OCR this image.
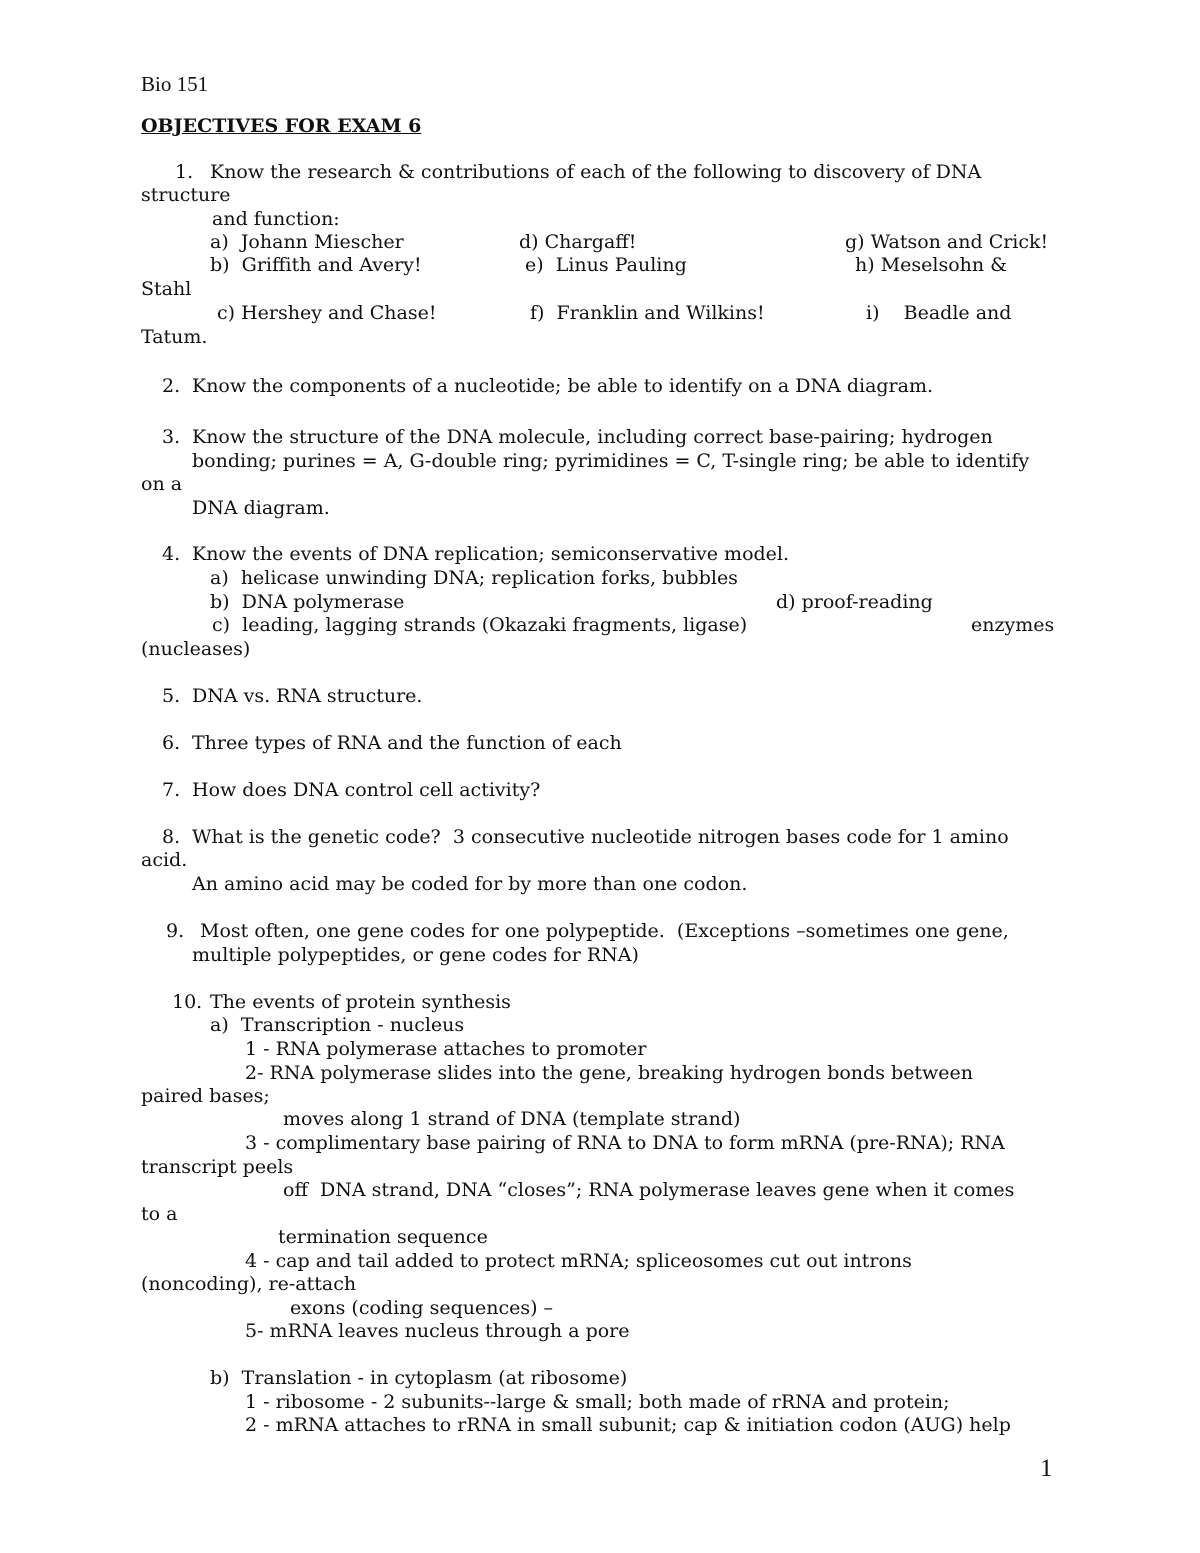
Bio 151
OBJECTIVES FOR EXAM 6
1. Know the research & contributions of each of the following to discovery of DNA
structure
and function:
a)  Johann Miescher	d) Chargaff!	g) Watson and Crick!
b)  Griffith and Avery!	e)  Linus Pauling	h) Meselsohn &
Stahl
c) Hershey and Chase!	f)  Franklin and Wilkins!	i)    Beadle and
Tatum.
2. Know the components of a nucleotide; be able to identify on a DNA diagram.
3. Know the structure of the DNA molecule, including correct base-pairing; hydrogen
bonding; purines = A, G-double ring; pyrimidines = C, T-single ring; be able to identify
on a
DNA diagram.
4. Know the events of DNA replication; semiconservative model.
a)  helicase unwinding DNA; replication forks, bubbles
b)  DNA polymerase	d) proof-reading
c)  leading, lagging strands (Okazaki fragments, ligase)	enzymes
(nucleases)
5. DNA vs. RNA structure.
6. Three types of RNA and the function of each
7. How does DNA control cell activity?
8. What is the genetic code?  3 consecutive nucleotide nitrogen bases code for 1 amino
acid.
An amino acid may be coded for by more than one codon.
9. Most often, one gene codes for one polypeptide.  (Exceptions –sometimes one gene,
multiple polypeptides, or gene codes for RNA)
10. The events of protein synthesis
a)  Transcription - nucleus
1 - RNA polymerase attaches to promoter
2- RNA polymerase slides into the gene, breaking hydrogen bonds between
paired bases;
moves along 1 strand of DNA (template strand)
3 - complimentary base pairing of RNA to DNA to form mRNA (pre-RNA); RNA
transcript peels
off  DNA strand, DNA “closes”; RNA polymerase leaves gene when it comes
to a
termination sequence
4 - cap and tail added to protect mRNA; spliceosomes cut out introns
(noncoding), re-attach
exons (coding sequences) –
5- mRNA leaves nucleus through a pore
b)  Translation - in cytoplasm (at ribosome)
1 - ribosome - 2 subunits--large & small; both made of rRNA and protein;
2 - mRNA attaches to rRNA in small subunit; cap & initiation codon (AUG) help
1
